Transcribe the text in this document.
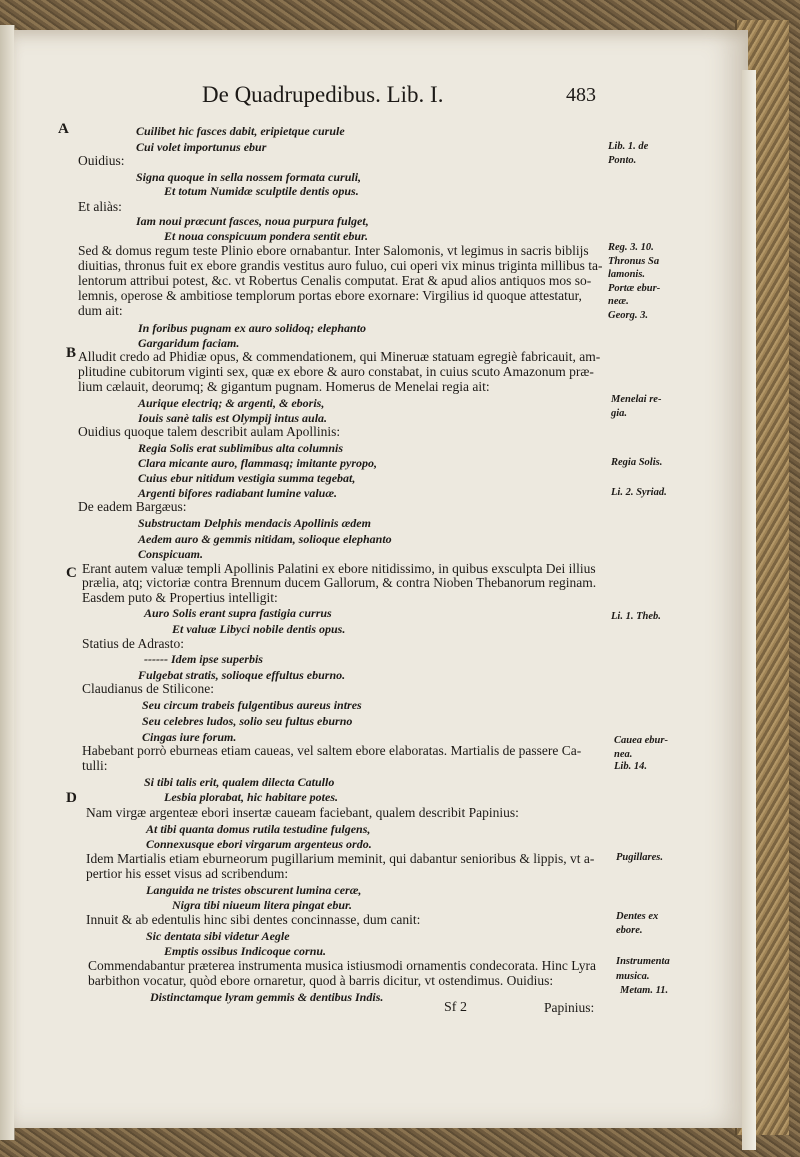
De Quadrupedibus. Lib. I.	483
A
B
C
D
Cuilibet hic fasces dabit, eripietque curule
Cui volet importunus ebur
Ouidius:
Signa quoque in sella nossem formata curuli,
Et totum Numidæ sculptile dentis opus.
Et aliàs:
Iam noui præcunt fasces, noua purpura fulget,
Et noua conspicuum pondera sentit ebur.
Sed & domus regum teste Plinio ebore ornabantur. Inter Salomonis, vt legimus in sacris biblijs
diuitias, thronus fuit ex ebore grandis vestitus auro fuluo, cui operi vix minus triginta millibus ta-
lentorum attribui potest, &c. vt Robertus Cenalis computat. Erat & apud alios antiquos mos so-
lemnis, operose & ambitiose templorum portas ebore exornare: Virgilius id quoque attestatur,
dum ait:
In foribus pugnam ex auro solidoq; elephanto
Gargaridum faciam.
Alludit credo ad Phidiæ opus, & commendationem, qui Mineruæ statuam egregiè fabricauit, am-
plitudine cubitorum viginti sex, quæ ex ebore & auro constabat, in cuius scuto Amazonum præ-
lium cælauit, deorumq; & gigantum pugnam. Homerus de Menelai regia ait:
Aurique electriq; & argenti, & eboris,
Iouis sanè talis est Olympij intus aula.
Ouidius quoque talem describit aulam Apollinis:
Regia Solis erat sublimibus alta columnis
Clara micante auro, flammasq; imitante pyropo,
Cuius ebur nitidum vestigia summa tegebat,
Argenti bifores radiabant lumine valuæ.
De eadem Bargæus:
Substructam Delphis mendacis Apollinis ædem
Aedem auro & gemmis nitidam, solioque elephanto
Conspicuam.
Erant autem valuæ templi Apollinis Palatini ex ebore nitidissimo, in quibus exsculpta Dei illius
prælia, atq; victoriæ contra Brennum ducem Gallorum, & contra Nioben Thebanorum reginam.
Easdem puto & Propertius intelligit:
Auro Solis erant supra fastigia currus
Et valuæ Libyci nobile dentis opus.
Statius de Adrasto:
------ Idem ipse superbis
Fulgebat stratis, solioque effultus eburno.
Claudianus de Stilicone:
Seu circum trabeis fulgentibus aureus intres
Seu celebres ludos, solio seu fultus eburno
Cingas iure forum.
Habebant porrò eburneas etiam caueas, vel saltem ebore elaboratas. Martialis de passere Ca-
tulli:
Si tibi talis erit, qualem dilecta Catullo
Lesbia plorabat, hic habitare potes.
Nam virgæ argenteæ ebori insertæ caueam faciebant, qualem describit Papinius:
At tibi quanta domus rutila testudine fulgens,
Connexusque ebori virgarum argenteus ordo.
Idem Martialis etiam eburneorum pugillarium meminit, qui dabantur senioribus & lippis, vt a-
pertior his esset visus ad scribendum:
Languida ne tristes obscurent lumina ceræ,
Nigra tibi niueum litera pingat ebur.
Innuit & ab edentulis hinc sibi dentes concinnasse, dum canit:
Sic dentata sibi videtur Aegle
Emptis ossibus Indicoque cornu.
Commendabantur præterea instrumenta musica istiusmodi ornamentis condecorata. Hinc Lyra
barbithon vocatur, quòd ebore ornaretur, quod à barris dicitur, vt ostendimus. Ouidius:
Distinctamque lyram gemmis & dentibus Indis.
Lib. 1. de
Ponto.
Reg. 3. 10.
Thronus Sa
lamonis.
Portæ ebur-
neæ.
Georg. 3.
Menelai re-
gia.
Regia Solis.
Li. 2. Syriad.
Li. 1. Theb.
Cauea ebur-
nea.
Lib. 14.
Pugillares.
Dentes ex
ebore.
Instrumenta
musica.
Metam. 11.
Sf 2	Papinius:
